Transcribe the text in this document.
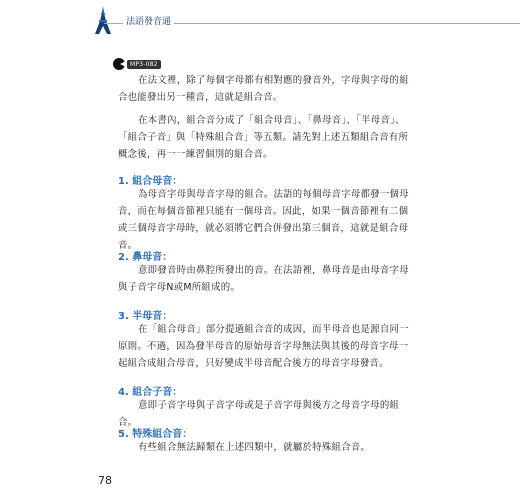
法語發音通
MP3-082

在法文裡，除了每個字母都有相對應的發音外，字母與字母的組合也能發出另一種音，這就是組合音。

在本書內，組合音分成了「組合母音」、「鼻母音」、「半母音」、「組合子音」與「特殊組合音」等五類。請先對上述五類組合音有所概念後，再一一練習個別的組合音。

1. 組合母音：

為母音字母與母音字母的組合。法語的每個母音字母都發一個母音，而在每個音節裡只能有一個母音。因此，如果一個音節裡有二個或三個母音字母時，就必須將它們合併發出第三個音，這就是組合母音。

2. 鼻母音：

意即發音時由鼻腔所發出的音。在法語裡，鼻母音是由母音字母與子音字母N或M所組成的。

3. 半母音：

在「組合母音」部分提過組合音的成因，而半母音也是源自同一原則。不過，因為發半母音的原始母音字母無法與其後的母音字母一起組合成組合母音，只好變成半母音配合後方的母音字母發音。

4. 組合子音：

意即子音字母與子音字母或是子音字母與後方之母音字母的組合。

5. 特殊組合音：

有些組合無法歸類在上述四類中，就屬於特殊組合音。

78
